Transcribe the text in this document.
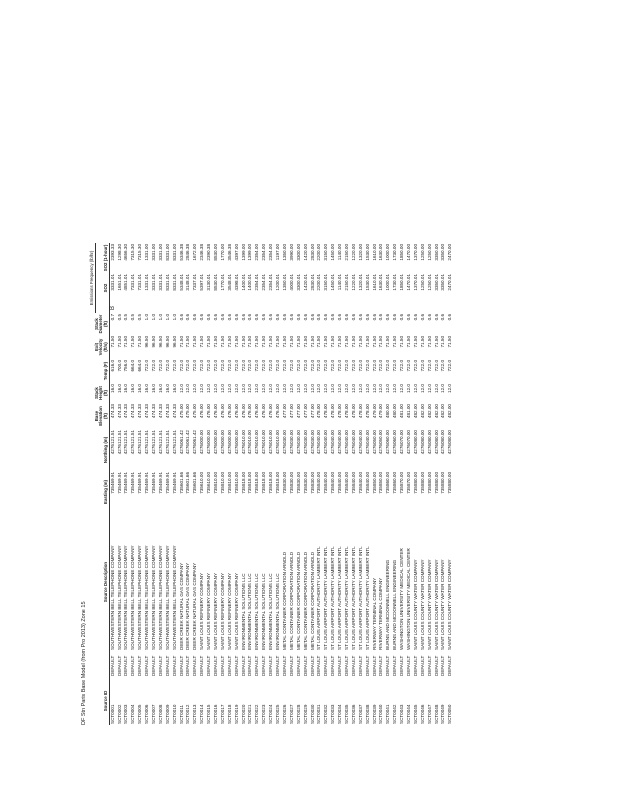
DF Stn Paris Base Model (from Pro 2013) Zone 15
Emissions Frequency (lb/hr)
Source ID
Source Description
Easting (m)
Northing (m)
Base Elevation (ft)
Stack Height (ft)
Temp (F)
Exit Velocity (ft/s)
Stack Diameter (ft)
SO2
SO2 (1-hour)
B
SCT0001
DEFAULT
SOUTHWESTERN BELL TELEPHONE COMPANY
735469.91
4276121.51
474.33
16.0
616.0
71.50
0.7
3331.01
2393.33
SCT0002
DEFAULT
SOUTHWESTERN BELL TELEPHONE COMPANY
735469.91
4276121.51
474.33
16.0
700.0
71.50
0.5
1651.01
1298.30
SCT0003
DEFAULT
SOUTHWESTERN BELL TELEPHONE COMPANY
735469.91
4276121.51
474.33
16.0
756.0
71.50
0.5
4851.01
4656.30
SCT0004
DEFAULT
SOUTHWESTERN BELL TELEPHONE COMPANY
735469.91
4276121.51
474.33
16.0
664.0
71.50
0.5
7331.01
7315.30
SCT0005
DEFAULT
SOUTHWESTERN BELL TELEPHONE COMPANY
735469.91
4276121.51
474.33
16.0
664.0
71.50
0.5
7331.01
7315.30
SCT0006
DEFAULT
SOUTHWESTERN BELL TELEPHONE COMPANY
735469.91
4276121.51
474.33
16.0
722.0
96.50
1.0
1331.01
1331.00
SCT0007
DEFAULT
SOUTHWESTERN BELL TELEPHONE COMPANY
735469.91
4276121.51
474.33
16.0
722.0
96.50
1.0
3331.01
3331.00
SCT0008
DEFAULT
SOUTHWESTERN BELL TELEPHONE COMPANY
735469.91
4276121.51
474.33
16.0
722.0
96.50
1.0
3331.01
3331.00
SCT0009
DEFAULT
SOUTHWESTERN BELL TELEPHONE COMPANY
735469.91
4276121.51
474.33
16.0
722.0
96.50
1.0
8331.01
8331.00
SCT0010
DEFAULT
SOUTHWESTERN BELL TELEPHONE COMPANY
735469.91
4276121.51
474.33
16.0
722.0
96.50
1.0
8331.01
8331.00
SCT0011
DEFAULT
DEER CREEK NATURAL GAS COMPANY
735601.66
4276061.42
475.00
12.0
722.0
71.50
0.6
5348.01
5346.38
SCT0012
DEFAULT
DEER CREEK NATURAL GAS COMPANY
735601.66
4276061.42
475.00
12.0
722.0
71.50
0.6
3148.01
2846.38
SCT0013
DEFAULT
DEER CREEK NATURAL GAS COMPANY
735601.66
4276061.42
475.00
12.0
722.0
71.50
0.6
7337.01
1672.00
SCT0014
DEFAULT
SAINT LOUIS REFINERY COMPANY
735610.00
4276000.00
476.00
12.0
722.0
71.50
0.6
5397.01
2346.38
SCT0015
DEFAULT
SAINT LOUIS REFINERY COMPANY
735610.00
4276000.00
476.00
12.0
722.0
71.50
0.6
3130.01
2390.38
SCT0016
DEFAULT
SAINT LOUIS REFINERY COMPANY
735810.00
4276000.00
476.00
12.0
722.0
71.50
0.6
8530.01
8530.00
SCT0017
DEFAULT
SAINT LOUIS REFINERY COMPANY
735810.00
4276000.00
476.00
12.0
722.0
71.50
0.6
1770.01
1770.00
SCT0018
DEFAULT
SAINT LOUIS REFINERY COMPANY
735810.00
4276000.00
476.00
12.0
722.0
71.50
0.6
3548.01
3546.38
SCT0019
DEFAULT
SAINT LOUIS REFINERY COMPANY
735810.00
4276000.00
476.00
12.0
722.0
71.50
0.6
4398.01
4397.00
SCT0020
DEFAULT
ENVIRONMENTAL SOLUTIONS LLC
735818.00
4276010.00
476.00
12.0
722.0
71.50
0.6
1400.01
1399.00
SCT0021
DEFAULT
ENVIRONMENTAL SOLUTIONS LLC
735818.00
4276010.00
476.00
12.0
722.0
71.50
0.6
1400.01
1399.00
SCT0022
DEFAULT
ENVIRONMENTAL SOLUTIONS LLC
735818.00
4276010.00
476.00
12.0
722.0
71.50
0.6
2354.01
2354.00
SCT0023
DEFAULT
ENVIRONMENTAL SOLUTIONS LLC
735818.00
4276010.00
476.00
12.0
722.0
71.50
0.6
2354.01
2354.00
SCT0024
DEFAULT
ENVIRONMENTAL SOLUTIONS LLC
735818.00
4276010.00
476.00
12.0
722.0
71.50
0.6
2354.01
2354.00
SCT0025
DEFAULT
ENVIRONMENTAL SOLUTIONS LLC
735818.00
4276010.00
476.00
12.0
722.0
71.50
0.6
1200.01
1197.00
SCT0026
DEFAULT
METAL CONTAINER CORPORATION ARNOLD
735830.00
4276030.00
477.00
12.0
722.0
71.50
0.6
1350.01
1350.00
SCT0027
DEFAULT
METAL CONTAINER CORPORATION ARNOLD
735830.00
4276030.00
477.00
12.0
722.0
71.50
0.6
4000.01
3990.00
SCT0028
DEFAULT
METAL CONTAINER CORPORATION ARNOLD
735830.00
4276030.00
477.00
12.0
722.0
71.50
0.6
3300.01
3300.00
SCT0029
DEFAULT
METAL CONTAINER CORPORATION ARNOLD
735830.00
4276030.00
477.00
12.0
722.0
71.50
0.6
1420.01
1420.00
SCT0030
DEFAULT
METAL CONTAINER CORPORATION ARNOLD
735830.00
4276030.00
477.00
12.0
722.0
71.50
0.6
2830.01
2830.00
SCT0031
DEFAULT
ST LOUIS AIRPORT AUTHORITY LAMBERT INTL
735840.00
4276040.00
478.00
12.0
722.0
71.50
0.6
2200.01
2200.00
SCT0032
DEFAULT
ST LOUIS AIRPORT AUTHORITY LAMBERT INTL
735840.00
4276040.00
478.00
12.0
722.0
71.50
0.6
3150.01
3150.00
SCT0033
DEFAULT
ST LOUIS AIRPORT AUTHORITY LAMBERT INTL
735840.00
4276040.00
478.00
12.0
722.0
71.50
0.6
1450.01
1450.00
SCT0034
DEFAULT
ST LOUIS AIRPORT AUTHORITY LAMBERT INTL
735840.00
4276040.00
478.00
12.0
722.0
71.50
0.6
1140.01
1140.00
SCT0035
DEFAULT
ST LOUIS AIRPORT AUTHORITY LAMBERT INTL
735840.00
4276040.00
478.00
12.0
722.0
71.50
0.6
2150.01
2150.00
SCT0036
DEFAULT
ST LOUIS AIRPORT AUTHORITY LAMBERT INTL
735840.00
4276040.00
478.00
12.0
722.0
71.50
0.6
1220.01
1220.00
SCT0037
DEFAULT
ST LOUIS AIRPORT AUTHORITY LAMBERT INTL
735840.00
4276040.00
478.00
12.0
722.0
71.50
0.6
1320.01
1320.00
SCT0038
DEFAULT
ST LOUIS AIRPORT AUTHORITY LAMBERT INTL
735840.00
4276040.00
478.00
12.0
722.0
71.50
0.6
1530.01
1530.00
SCT0039
DEFAULT
RIVERWAY TERMINAL COMPANY
735850.00
4276050.00
479.00
12.0
722.0
71.50
0.6
1610.01
1610.00
SCT0040
DEFAULT
RIVERWAY TERMINAL COMPANY
735850.00
4276050.00
479.00
12.0
722.0
71.50
0.6
1630.01
1630.00
SCT0041
DEFAULT
BURNS AND MCDONNELL ENGINEERING
735860.00
4276060.00
480.00
12.0
722.0
71.50
0.6
1000.01
1000.00
SCT0042
DEFAULT
BURNS AND MCDONNELL ENGINEERING
735860.00
4276060.00
480.00
12.0
722.0
71.50
0.6
1730.01
1730.00
SCT0043
DEFAULT
WASHINGTON UNIVERSITY MEDICAL CENTER
735870.00
4276070.00
481.00
12.0
722.0
71.50
0.6
1850.01
1850.00
SCT0044
DEFAULT
WASHINGTON UNIVERSITY MEDICAL CENTER
735870.00
4276070.00
481.00
12.0
722.0
71.50
0.6
1470.01
1470.00
SCT0045
DEFAULT
SAINT LOUIS COUNTY WATER COMPANY
735880.00
4276080.00
482.00
12.0
722.0
71.50
0.6
1370.01
1370.00
SCT0046
DEFAULT
SAINT LOUIS COUNTY WATER COMPANY
735880.00
4276080.00
482.00
12.0
722.0
71.50
0.6
1250.01
1250.00
SCT0047
DEFAULT
SAINT LOUIS COUNTY WATER COMPANY
735880.00
4276080.00
482.00
12.0
722.0
71.50
0.6
1250.01
1250.00
SCT0048
DEFAULT
SAINT LOUIS COUNTY WATER COMPANY
735880.00
4276080.00
482.00
12.0
722.0
71.50
0.6
3350.01
3350.00
SCT0049
DEFAULT
SAINT LOUIS COUNTY WATER COMPANY
735880.00
4276080.00
482.00
12.0
722.0
71.50
0.6
3350.01
3350.00
SCT0050
DEFAULT
SAINT LOUIS COUNTY WATER COMPANY
735880.00
4276080.00
482.00
12.0
722.0
71.50
0.6
2470.01
2470.00
